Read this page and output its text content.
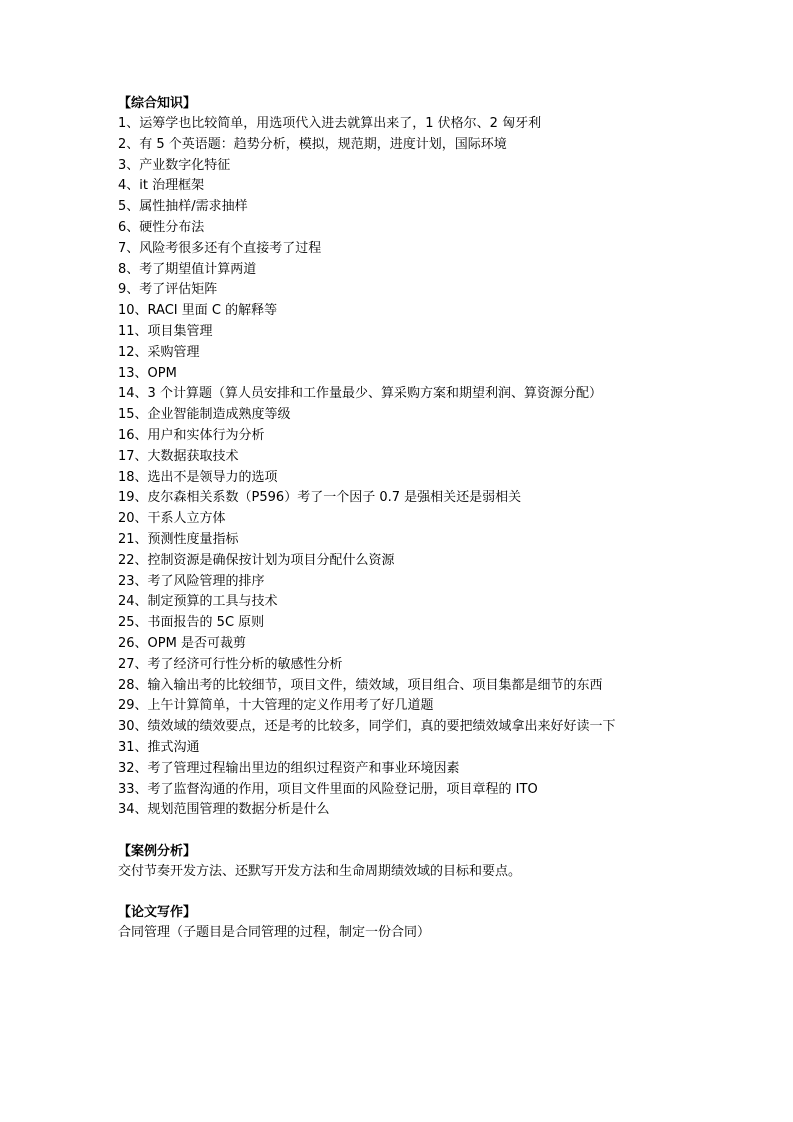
【综合知识】
1、运筹学也比较简单，用选项代入进去就算出来了，1 伏格尔、2 匈牙利
2、有 5 个英语题：趋势分析，模拟，规范期，进度计划，国际环境
3、产业数字化特征
4、it 治理框架
5、属性抽样/需求抽样
6、硬性分布法
7、风险考很多还有个直接考了过程
8、考了期望值计算两道
9、考了评估矩阵
10、RACI 里面 C 的解释等
11、项目集管理
12、采购管理
13、OPM
14、3 个计算题（算人员安排和工作量最少、算采购方案和期望利润、算资源分配）
15、企业智能制造成熟度等级
16、用户和实体行为分析
17、大数据获取技术
18、选出不是领导力的选项
19、皮尔森相关系数（P596）考了一个因子 0.7 是强相关还是弱相关
20、干系人立方体
21、预测性度量指标
22、控制资源是确保按计划为项目分配什么资源
23、考了风险管理的排序
24、制定预算的工具与技术
25、书面报告的 5C 原则
26、OPM 是否可裁剪
27、考了经济可行性分析的敏感性分析
28、输入输出考的比较细节，项目文件，绩效域，项目组合、项目集都是细节的东西
29、上午计算简单，十大管理的定义作用考了好几道题
30、绩效域的绩效要点，还是考的比较多，同学们，真的要把绩效域拿出来好好读一下
31、推式沟通
32、考了管理过程输出里边的组织过程资产和事业环境因素
33、考了监督沟通的作用，项目文件里面的风险登记册，项目章程的 ITO
34、规划范围管理的数据分析是什么
【案例分析】
交付节奏开发方法、还默写开发方法和生命周期绩效域的目标和要点。
【论文写作】
合同管理（子题目是合同管理的过程，制定一份合同）
